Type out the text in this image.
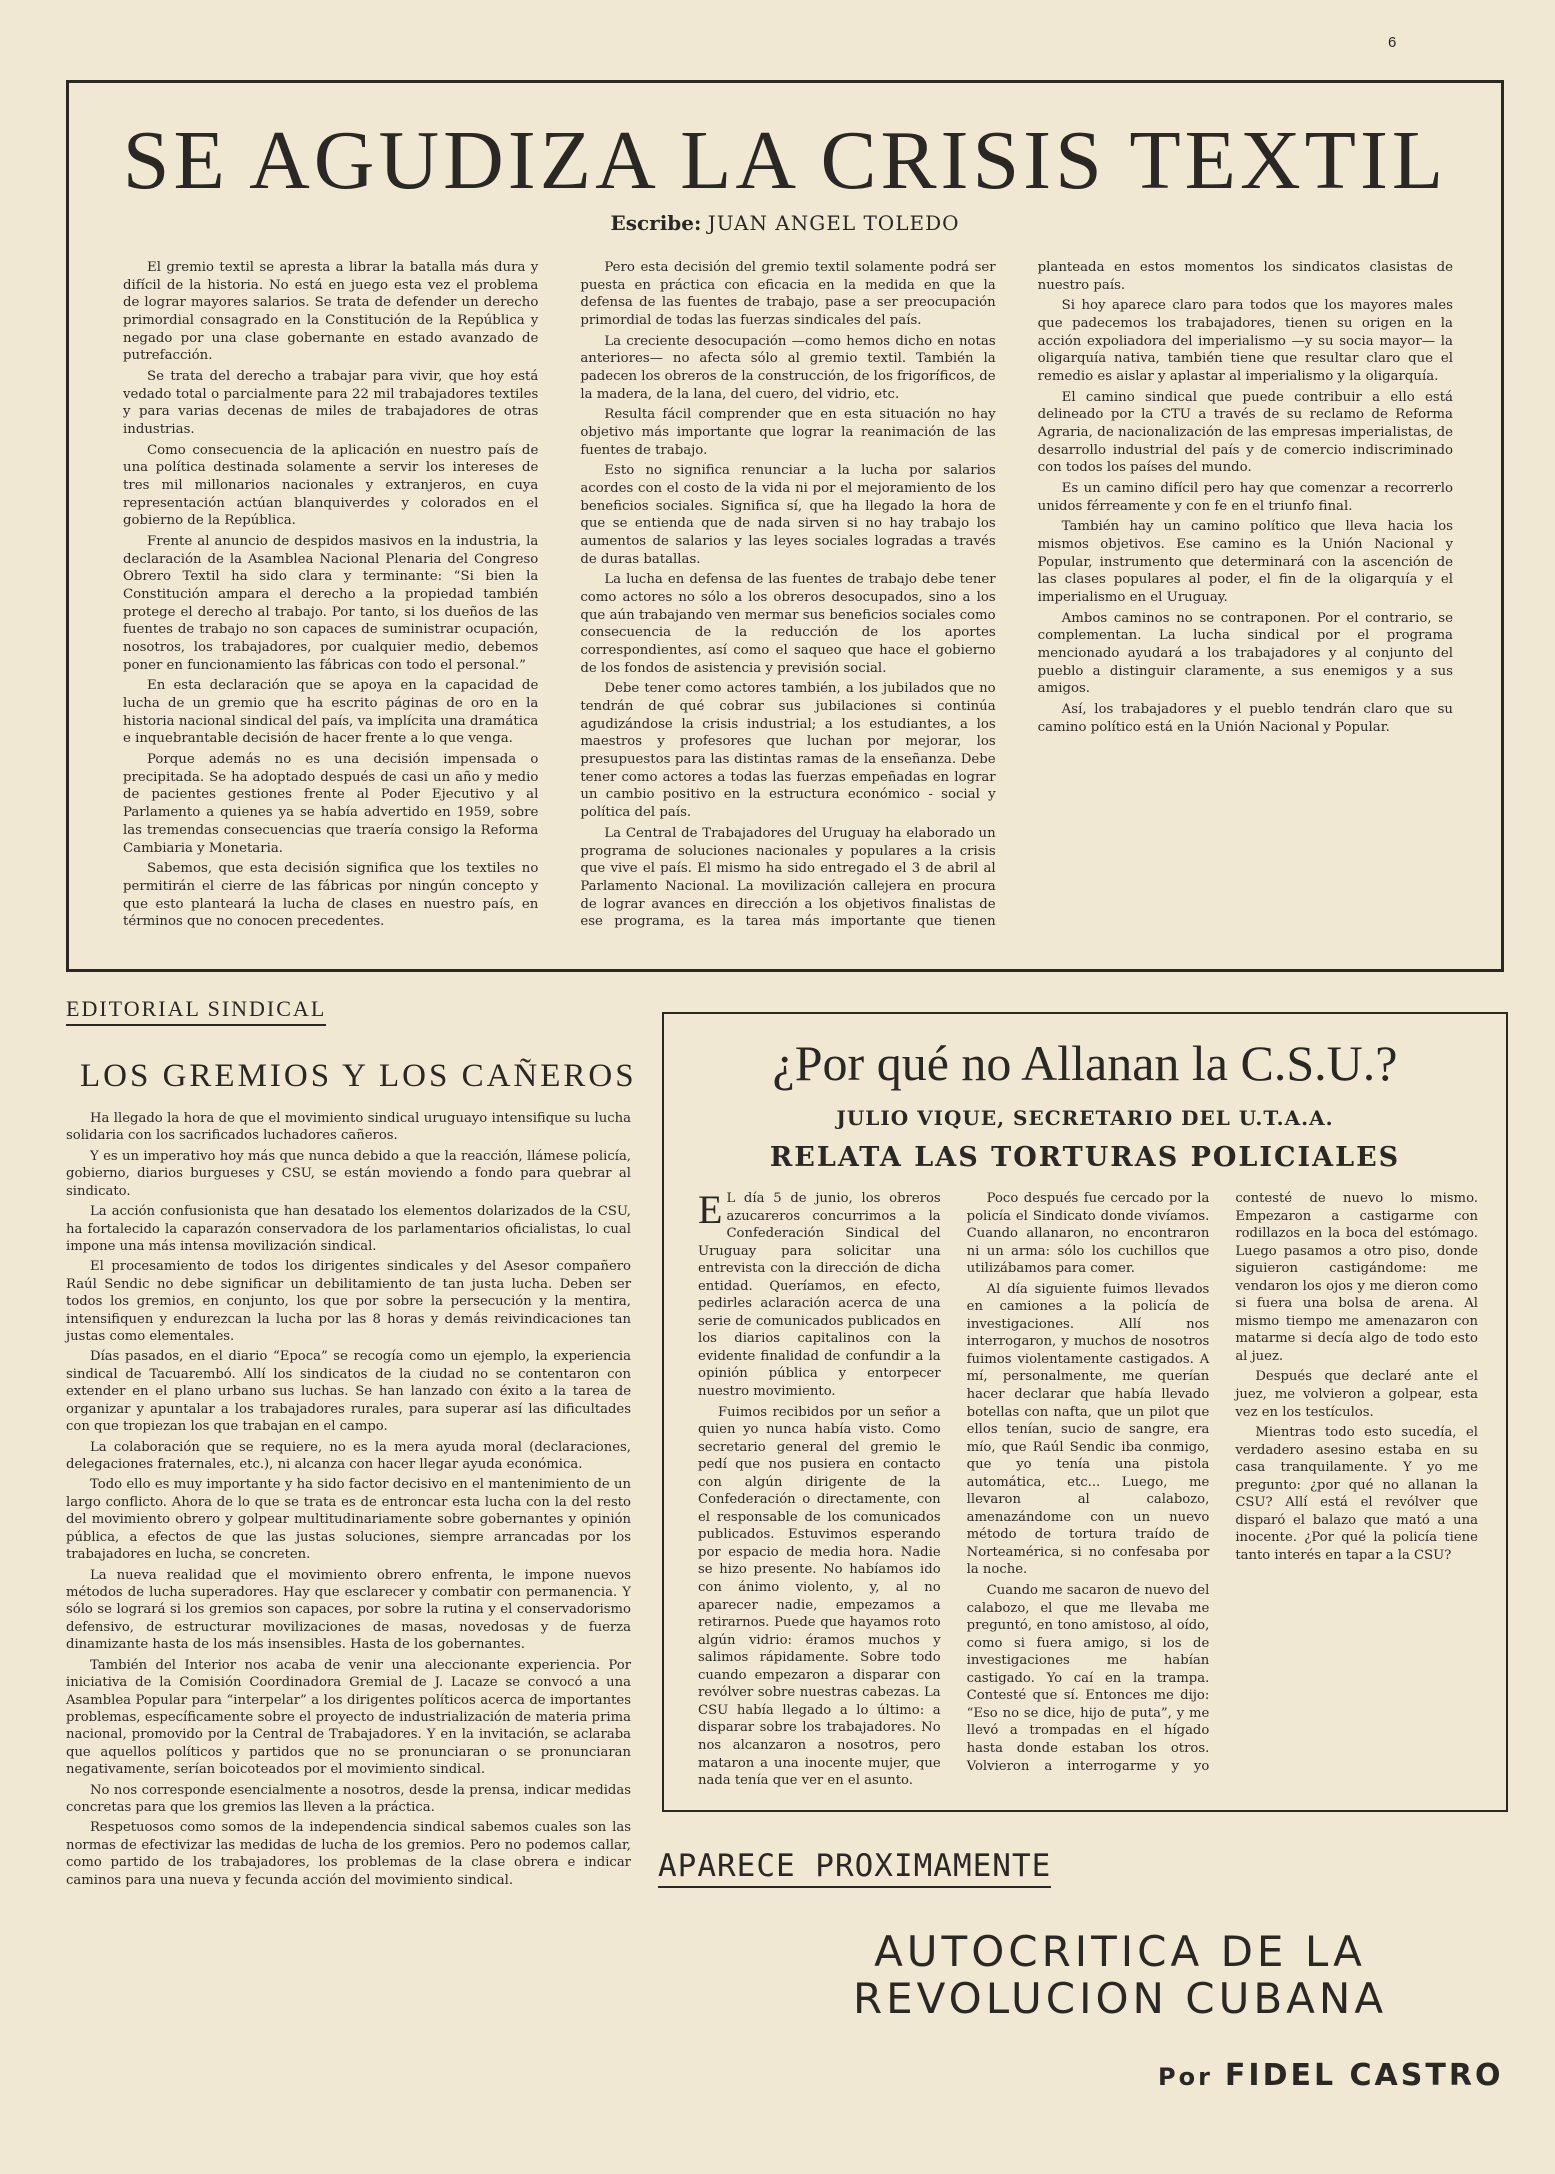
6
SE AGUDIZA LA CRISIS TEXTIL
Escribe: JUAN ANGEL TOLEDO

El gremio textil se apresta a librar la batalla más dura y difícil de la historia. No está en juego esta vez el problema de lograr mayores salarios. Se trata de defender un derecho primordial consagrado en la Constitución de la República y negado por una clase gobernante en estado avanzado de putrefacción.

Se trata del derecho a trabajar para vivir, que hoy está vedado total o parcialmente para 22 mil trabajadores textiles y para varias decenas de miles de trabajadores de otras industrias.

Como consecuencia de la aplicación en nuestro país de una política destinada solamente a servir los intereses de tres mil millonarios nacionales y extranjeros, en cuya representación actúan blanquiverdes y colorados en el gobierno de la República.

Frente al anuncio de despidos masivos en la industria, la declaración de la Asamblea Nacional Plenaria del Congreso Obrero Textil ha sido clara y terminante: “Si bien la Constitución ampara el derecho a la propiedad también protege el derecho al trabajo. Por tanto, si los dueños de las fuentes de trabajo no son capaces de suministrar ocupación, nosotros, los trabajadores, por cualquier medio, debemos poner en funcionamiento las fábricas con todo el personal.”

En esta declaración que se apoya en la capacidad de lucha de un gremio que ha escrito páginas de oro en la historia nacional sindical del país, va implícita una dramática e inquebrantable decisión de hacer frente a lo que venga.

Porque además no es una decisión impensada o precipitada. Se ha adoptado después de casi un año y medio de pacientes gestiones frente al Poder Ejecutivo y al Parlamento a quienes ya se había advertido en 1959, sobre las tremendas consecuencias que traería consigo la Reforma Cambiaria y Monetaria.

Sabemos, que esta decisión significa que los textiles no permitirán el cierre de las fábricas por ningún concepto y que esto planteará la lucha de clases en nuestro país, en términos que no conocen precedentes.

Pero esta decisión del gremio textil solamente podrá ser puesta en práctica con eficacia en la medida en que la defensa de las fuentes de trabajo, pase a ser preocupación primordial de todas las fuerzas sindicales del país.

La creciente desocupación —como hemos dicho en notas anteriores— no afecta sólo al gremio textil. También la padecen los obreros de la construcción, de los frigoríficos, de la madera, de la lana, del cuero, del vidrio, etc.

Resulta fácil comprender que en esta situación no hay objetivo más importante que lograr la reanimación de las fuentes de trabajo.

Esto no significa renunciar a la lucha por salarios acordes con el costo de la vida ni por el mejoramiento de los beneficios sociales. Significa sí, que ha llegado la hora de que se entienda que de nada sirven si no hay trabajo los aumentos de salarios y las leyes sociales logradas a través de duras batallas.

La lucha en defensa de las fuentes de trabajo debe tener como actores no sólo a los obreros desocupados, sino a los que aún trabajando ven mermar sus beneficios sociales como consecuencia de la reducción de los aportes correspondientes, así como el saqueo que hace el gobierno de los fondos de asistencia y previsión social.

Debe tener como actores también, a los jubilados que no tendrán de qué cobrar sus jubilaciones si continúa agudizándose la crisis industrial; a los estudiantes, a los maestros y profesores que luchan por mejorar, los presupuestos para las distintas ramas de la enseñanza. Debe tener como actores a todas las fuerzas empeñadas en lograr un cambio positivo en la estructura económico - social y política del país.

La Central de Trabajadores del Uruguay ha elaborado un programa de soluciones nacionales y populares a la crisis que vive el país. El mismo ha sido entregado el 3 de abril al Parlamento Nacional. La movilización callejera en procura de lograr avances en dirección a los objetivos finalistas de ese programa, es la tarea más importante que tienen planteada en estos momentos los sindicatos clasistas de nuestro país.

Si hoy aparece claro para todos que los mayores males que padecemos los trabajadores, tienen su origen en la acción expoliadora del imperialismo —y su socia mayor— la oligarquía nativa, también tiene que resultar claro que el remedio es aislar y aplastar al imperialismo y la oligarquía.

El camino sindical que puede contribuir a ello está delineado por la CTU a través de su reclamo de Reforma Agraria, de nacionalización de las empresas imperialistas, de desarrollo industrial del país y de comercio indiscriminado con todos los países del mundo.

Es un camino difícil pero hay que comenzar a recorrerlo unidos férreamente y con fe en el triunfo final.

También hay un camino político que lleva hacia los mismos objetivos. Ese camino es la Unión Nacional y Popular, instrumento que determinará con la ascención de las clases populares al poder, el fin de la oligarquía y el imperialismo en el Uruguay.

Ambos caminos no se contraponen. Por el contrario, se complementan. La lucha sindical por el programa mencionado ayudará a los trabajadores y al conjunto del pueblo a distinguir claramente, a sus enemigos y a sus amigos.

Así, los trabajadores y el pueblo tendrán claro que su camino político está en la Unión Nacional y Popular.

EDITORIAL SINDICAL
LOS GREMIOS Y LOS CAÑEROS

Ha llegado la hora de que el movimiento sindical uruguayo intensifique su lucha solidaria con los sacrificados luchadores cañeros.

Y es un imperativo hoy más que nunca debido a que la reacción, llámese policía, gobierno, diarios burgueses y CSU, se están moviendo a fondo para quebrar al sindicato.

La acción confusionista que han desatado los elementos dolarizados de la CSU, ha fortalecido la caparazón conservadora de los parlamentarios oficialistas, lo cual impone una más intensa movilización sindical.

El procesamiento de todos los dirigentes sindicales y del Asesor compañero Raúl Sendic no debe significar un debilitamiento de tan justa lucha. Deben ser todos los gremios, en conjunto, los que por sobre la persecución y la mentira, intensifiquen y endurezcan la lucha por las 8 horas y demás reivindicaciones tan justas como elementales.

Días pasados, en el diario “Epoca” se recogía como un ejemplo, la experiencia sindical de Tacuarembó. Allí los sindicatos de la ciudad no se contentaron con extender en el plano urbano sus luchas. Se han lanzado con éxito a la tarea de organizar y apuntalar a los trabajadores rurales, para superar así las dificultades con que tropiezan los que trabajan en el campo.

La colaboración que se requiere, no es la mera ayuda moral (declaraciones, delegaciones fraternales, etc.), ni alcanza con hacer llegar ayuda económica.

Todo ello es muy importante y ha sido factor decisivo en el mantenimiento de un largo conflicto. Ahora de lo que se trata es de entroncar esta lucha con la del resto del movimiento obrero y golpear multitudinariamente sobre gobernantes y opinión pública, a efectos de que las justas soluciones, siempre arrancadas por los trabajadores en lucha, se concreten.

La nueva realidad que el movimiento obrero enfrenta, le impone nuevos métodos de lucha superadores. Hay que esclarecer y combatir con permanencia. Y sólo se logrará si los gremios son capaces, por sobre la rutina y el conservadorismo defensivo, de estructurar movilizaciones de masas, novedosas y de fuerza dinamizante hasta de los más insensibles. Hasta de los gobernantes.

También del Interior nos acaba de venir una aleccionante experiencia. Por iniciativa de la Comisión Coordinadora Gremial de J. Lacaze se convocó a una Asamblea Popular para “interpelar” a los dirigentes políticos acerca de importantes problemas, específicamente sobre el proyecto de industrialización de materia prima nacional, promovido por la Central de Trabajadores. Y en la invitación, se aclaraba que aquellos políticos y partidos que no se pronunciaran o se pronunciaran negativamente, serían boicoteados por el movimiento sindical.

No nos corresponde esencialmente a nosotros, desde la prensa, indicar medidas concretas para que los gremios las lleven a la práctica.

Respetuosos como somos de la independencia sindical sabemos cuales son las normas de efectivizar las medidas de lucha de los gremios. Pero no podemos callar, como partido de los trabajadores, los problemas de la clase obrera e indicar caminos para una nueva y fecunda acción del movimiento sindical.

¿Por qué no Allanan la C.S.U.?
JULIO VIQUE, SECRETARIO DEL U.T.A.A.
RELATA LAS TORTURAS POLICIALES

E L día 5 de junio, los obreros azucareros concurrimos a la Confederación Sindical del Uruguay para solicitar una entrevista con la dirección de dicha entidad. Queríamos, en efecto, pedirles aclaración acerca de una serie de comunicados publicados en los diarios capitalinos con la evidente finalidad de confundir a la opinión pública y entorpecer nuestro movimiento.

Fuimos recibidos por un señor a quien yo nunca había visto. Como secretario general del gremio le pedí que nos pusiera en contacto con algún dirigente de la Confederación o directamente, con el responsable de los comunicados publicados. Estuvimos esperando por espacio de media hora. Nadie se hizo presente. No habíamos ido con ánimo violento, y, al no aparecer nadie, empezamos a retirarnos. Puede que hayamos roto algún vidrio: éramos muchos y salimos rápidamente. Sobre todo cuando empezaron a disparar con revólver sobre nuestras cabezas. La CSU había llegado a lo último: a disparar sobre los trabajadores. No nos alcanzaron a nosotros, pero mataron a una inocente mujer, que nada tenía que ver en el asunto.

Poco después fue cercado por la policía el Sindicato donde vivíamos. Cuando allanaron, no encontraron ni un arma: sólo los cuchillos que utilizábamos para comer.

Al día siguiente fuimos llevados en camiones a la policía de investigaciones. Allí nos interrogaron, y muchos de nosotros fuimos violentamente castigados. A mí, personalmente, me querían hacer declarar que había llevado botellas con nafta, que un pilot que ellos tenían, sucio de sangre, era mío, que Raúl Sendic iba conmigo, que yo tenía una pistola automática, etc... Luego, me llevaron al calabozo, amenazándome con un nuevo método de tortura traído de Norteamérica, si no confesaba por la noche.

Cuando me sacaron de nuevo del calabozo, el que me llevaba me preguntó, en tono amistoso, al oído, como si fuera amigo, si los de investigaciones me habían castigado. Yo caí en la trampa. Contesté que sí. Entonces me dijo: “Eso no se dice, hijo de puta”, y me llevó a trompadas en el hígado hasta donde estaban los otros. Volvieron a interrogarme y yo contesté de nuevo lo mismo. Empezaron a castigarme con rodillazos en la boca del estómago. Luego pasamos a otro piso, donde siguieron castigándome: me vendaron los ojos y me dieron como si fuera una bolsa de arena. Al mismo tiempo me amenazaron con matarme si decía algo de todo esto al juez.

Después que declaré ante el juez, me volvieron a golpear, esta vez en los testículos.

Mientras todo esto sucedía, el verdadero asesino estaba en su casa tranquilamente. Y yo me pregunto: ¿por qué no allanan la CSU? Allí está el revólver que disparó el balazo que mató a una inocente. ¿Por qué la policía tiene tanto interés en tapar a la CSU?

APARECE PROXIMAMENTE
AUTOCRITICA DE LA
REVOLUCION CUBANA
Por FIDEL CASTRO
